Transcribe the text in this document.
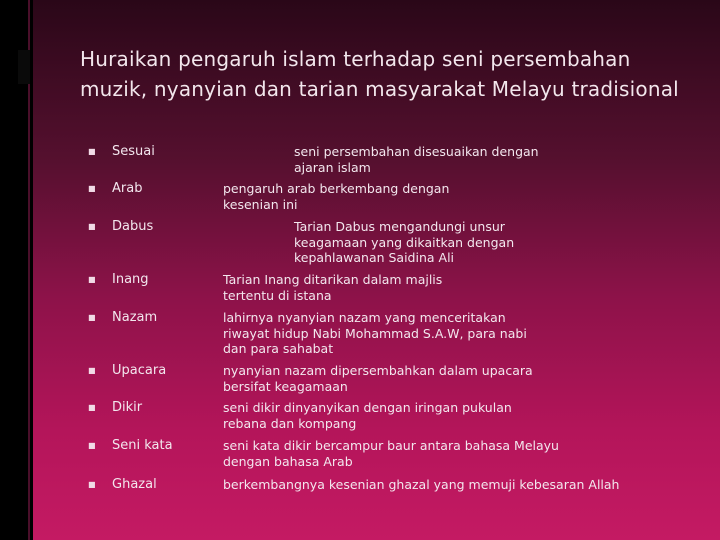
Huraikan pengaruh islam terhadap seni persembahan muzik, nyanyian dan tarian masyarakat Melayu tradisional
■ Sesuai	seni persembahan disesuaikan dengan ajaran islam
■ Arab	pengaruh arab berkembang dengan kesenian ini
■ Dabus	Tarian Dabus mengandungi unsur keagamaan yang dikaitkan dengan kepahlawanan Saidina Ali
■ Inang	Tarian Inang ditarikan dalam majlis tertentu di istana
■ Nazam	lahirnya nyanyian nazam yang menceritakan riwayat hidup Nabi Mohammad S.A.W, para nabi dan para sahabat
■ Upacara	nyanyian nazam dipersembahkan dalam upacara bersifat keagamaan
■ Dikir	seni dikir dinyanyikan dengan iringan pukulan rebana dan kompang
■ Seni kata	seni kata dikir bercampur baur antara bahasa Melayu dengan bahasa Arab
■ Ghazal	berkembangnya kesenian ghazal yang memuji kebesaran Allah
